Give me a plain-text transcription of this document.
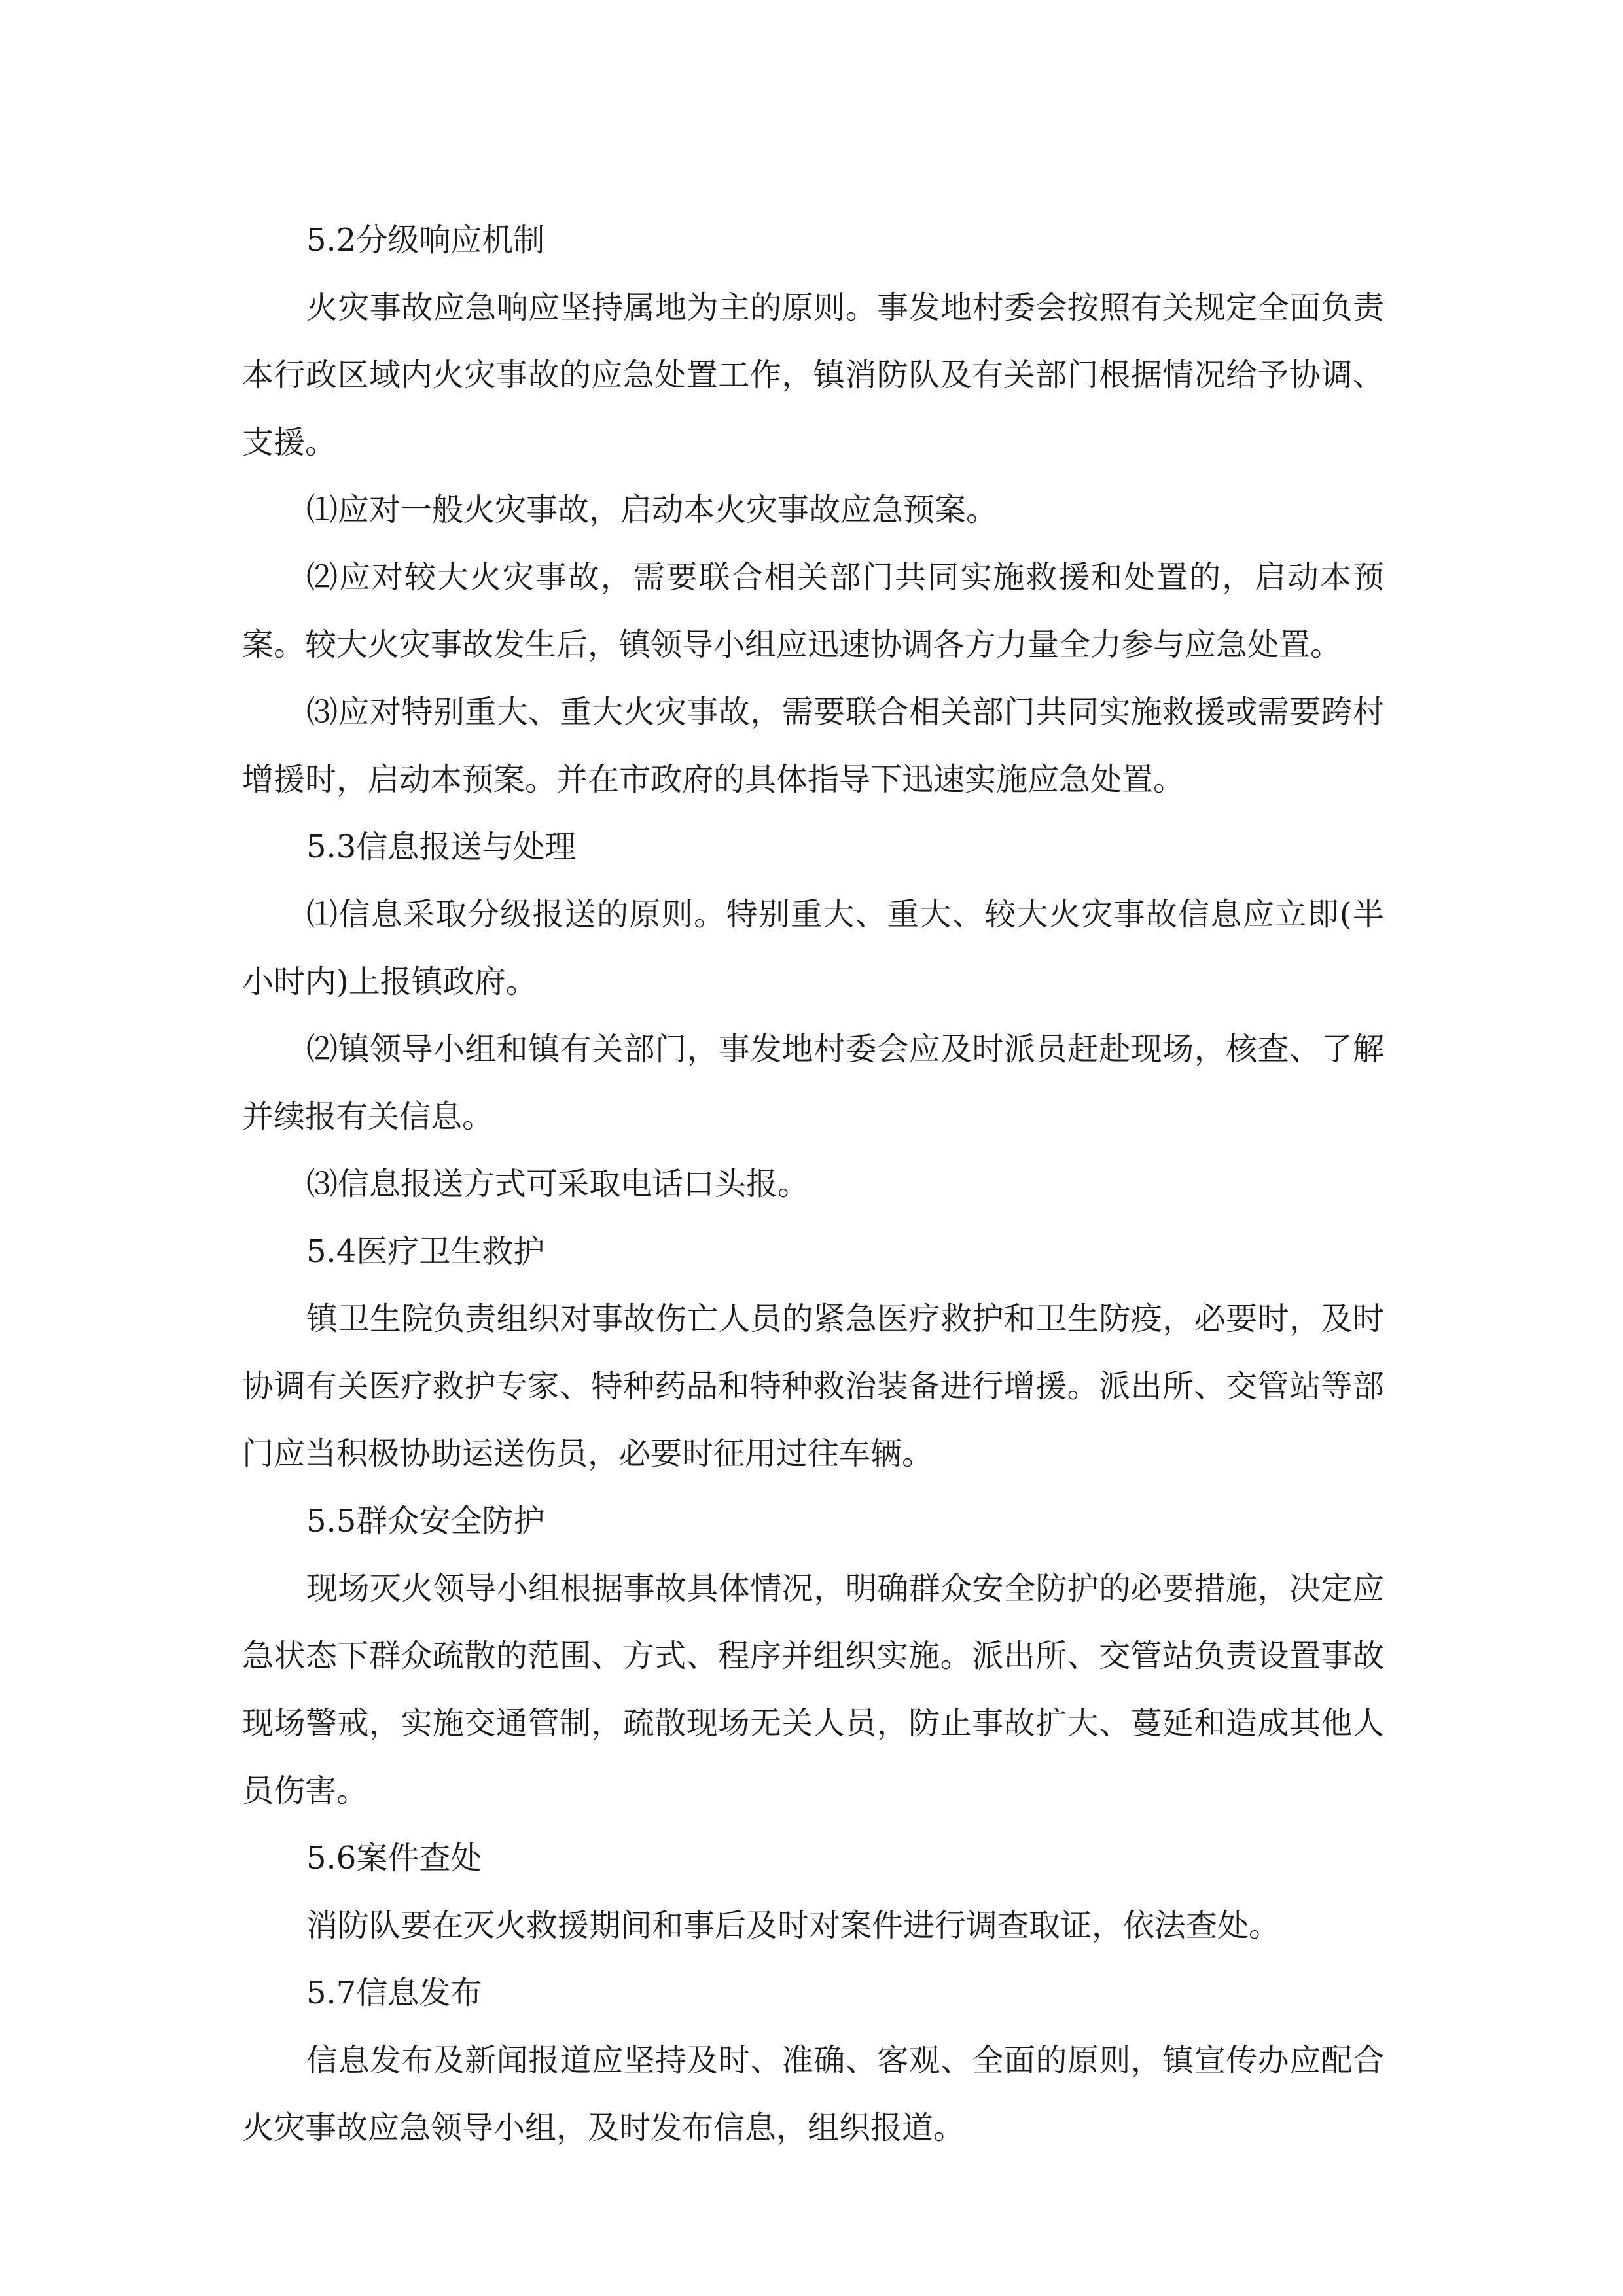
5.2分级响应机制

火灾事故应急响应坚持属地为主的原则。事发地村委会按照有关规定全面负责本行政区域内火灾事故的应急处置工作，镇消防队及有关部门根据情况给予协调、支援。

⑴应对一般火灾事故，启动本火灾事故应急预案。

⑵应对较大火灾事故，需要联合相关部门共同实施救援和处置的，启动本预案。较大火灾事故发生后，镇领导小组应迅速协调各方力量全力参与应急处置。

⑶应对特别重大、重大火灾事故，需要联合相关部门共同实施救援或需要跨村增援时，启动本预案。并在市政府的具体指导下迅速实施应急处置。

5.3信息报送与处理

⑴信息采取分级报送的原则。特别重大、重大、较大火灾事故信息应立即(半小时内)上报镇政府。

⑵镇领导小组和镇有关部门，事发地村委会应及时派员赶赴现场，核查、了解并续报有关信息。

⑶信息报送方式可采取电话口头报。

5.4医疗卫生救护

镇卫生院负责组织对事故伤亡人员的紧急医疗救护和卫生防疫，必要时，及时协调有关医疗救护专家、特种药品和特种救治装备进行增援。派出所、交管站等部门应当积极协助运送伤员，必要时征用过往车辆。

5.5群众安全防护

现场灭火领导小组根据事故具体情况，明确群众安全防护的必要措施，决定应急状态下群众疏散的范围、方式、程序并组织实施。派出所、交管站负责设置事故现场警戒，实施交通管制，疏散现场无关人员，防止事故扩大、蔓延和造成其他人员伤害。

5.6案件查处

消防队要在灭火救援期间和事后及时对案件进行调查取证，依法查处。

5.7信息发布

信息发布及新闻报道应坚持及时、准确、客观、全面的原则，镇宣传办应配合火灾事故应急领导小组，及时发布信息，组织报道。
